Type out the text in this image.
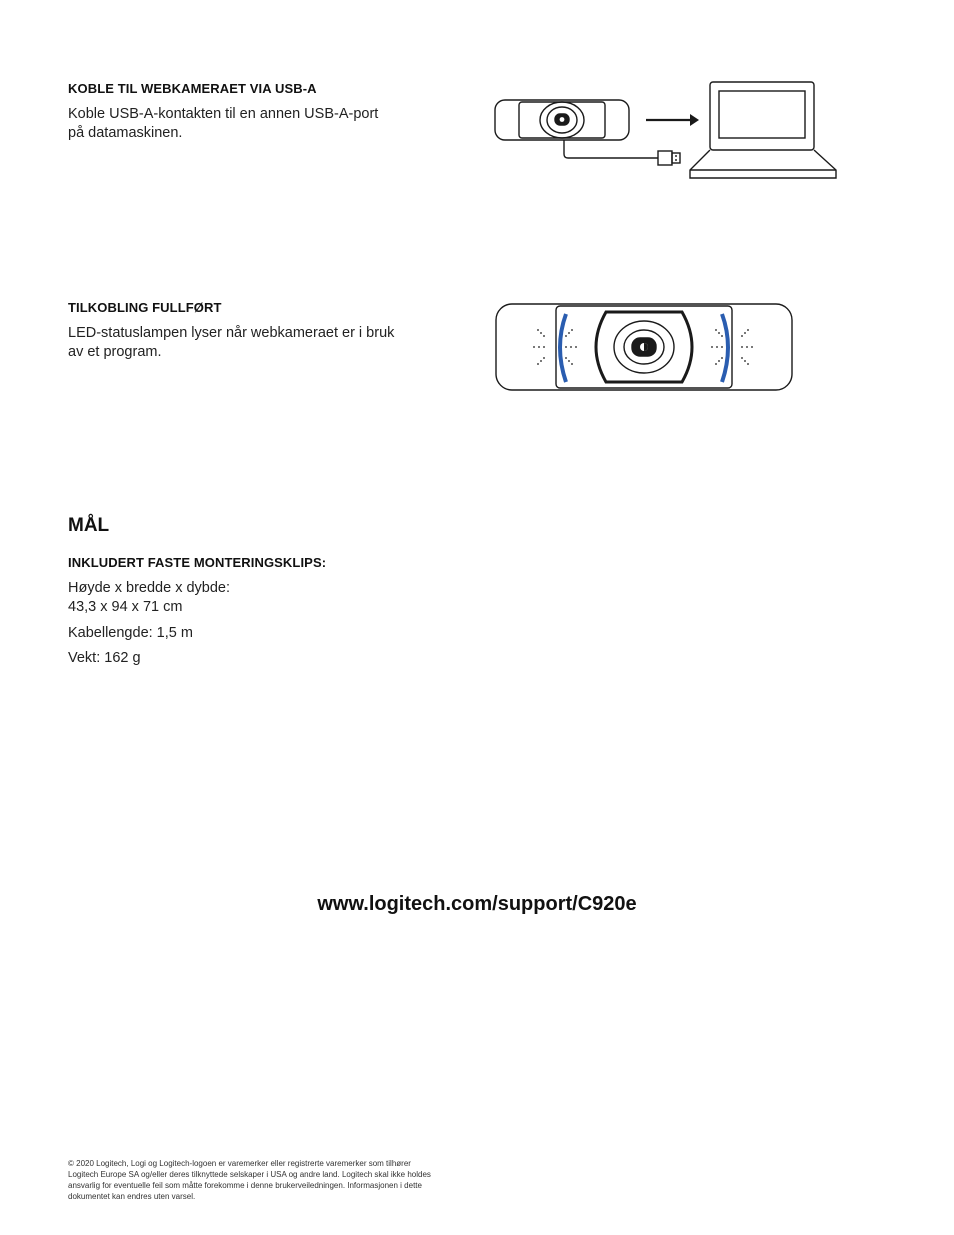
KOBLE TIL WEBKAMERAET VIA USB-A
Koble USB-A-kontakten til en annen USB-A-port
på datamaskinen.
TILKOBLING FULLFØRT
LED-statuslampen lyser når webkameraet er i bruk
av et program.
MÅL
INKLUDERT FASTE MONTERINGSKLIPS:
Høyde x bredde x dybde:
43,3 x 94 x 71 cm
Kabellengde: 1,5 m
Vekt: 162 g
www.logitech.com/support/C920e
© 2020 Logitech, Logi og Logitech-logoen er varemerker eller registrerte varemerker som tilhører
Logitech Europe SA og/eller deres tilknyttede selskaper i USA og andre land. Logitech skal ikke holdes
ansvarlig for eventuelle feil som måtte forekomme i denne brukerveiledningen. Informasjonen i dette
dokumentet kan endres uten varsel.
